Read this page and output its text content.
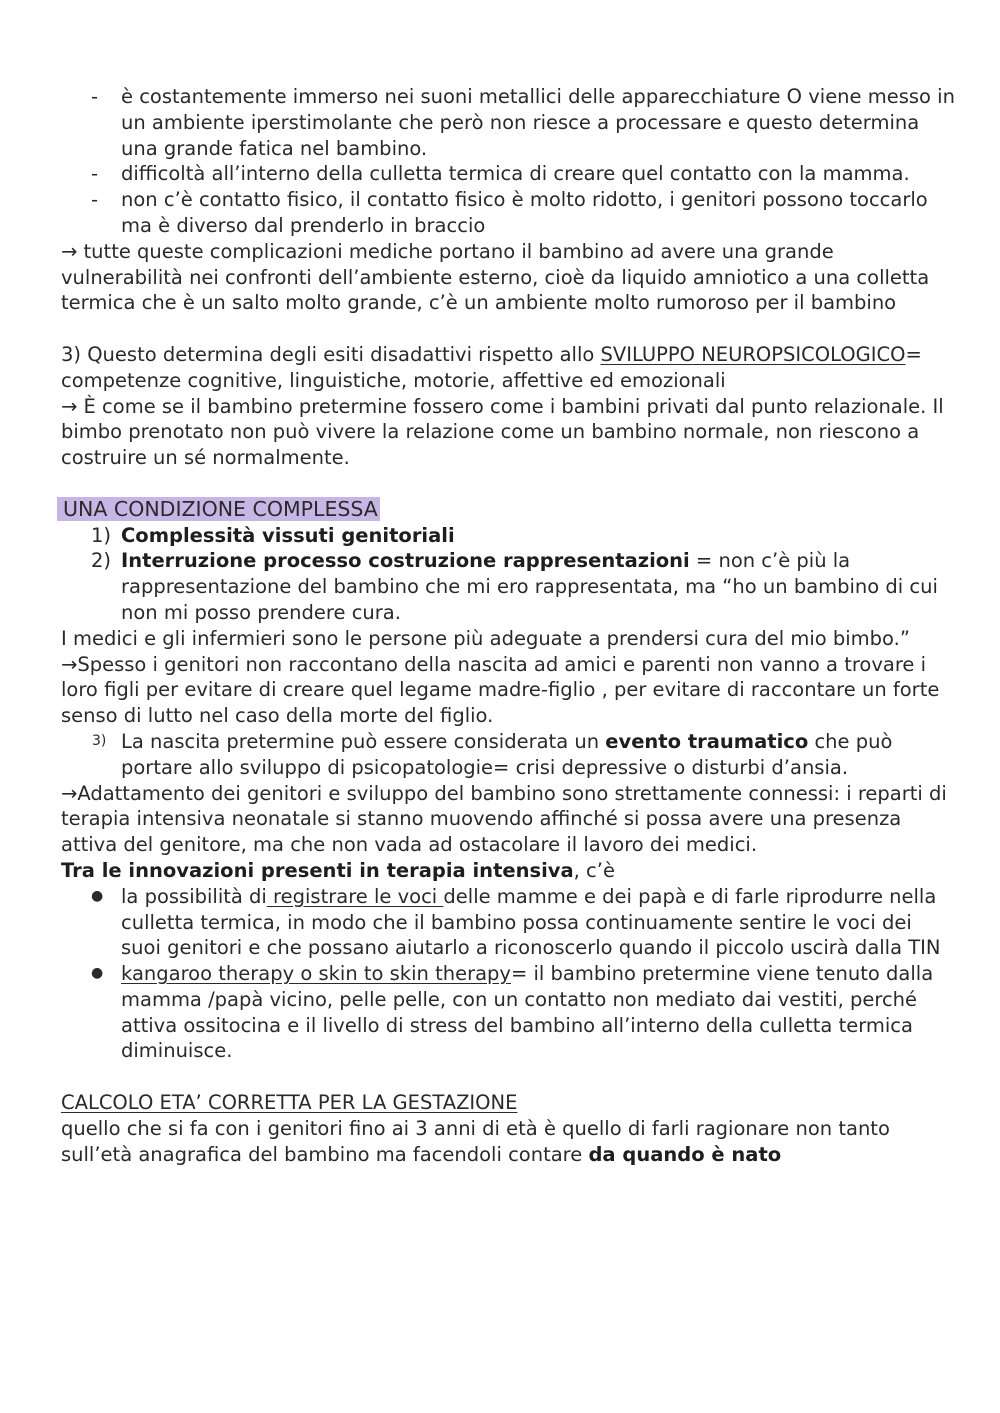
- è costantemente immerso nei suoni metallici delle apparecchiature O viene messo in un ambiente iperstimolante che però non riesce a processare e questo determina una grande fatica nel bambino.
- difficoltà all’interno della culletta termica di creare quel contatto con la mamma.
- non c’è contatto fisico, il contatto fisico è molto ridotto, i genitori possono toccarlo ma è diverso dal prenderlo in braccio

→ tutte queste complicazioni mediche portano il bambino ad avere una grande vulnerabilità nei confronti dell’ambiente esterno, cioè da liquido amniotico a una colletta termica che è un salto molto grande, c’è un ambiente molto rumoroso per il bambino

3) Questo determina degli esiti disadattivi rispetto allo SVILUPPO NEUROPSICOLOGICO= competenze cognitive, linguistiche, motorie, affettive ed emozionali

→ È come se il bambino pretermine fossero come i bambini privati dal punto relazionale. Il bimbo prenotato non può vivere la relazione come un bambino normale, non riescono a costruire un sé normalmente.

UNA CONDIZIONE COMPLESSA

1) Complessità vissuti genitoriali
2) Interruzione processo costruzione rappresentazioni = non c’è più la rappresentazione del bambino che mi ero rappresentata, ma “ho un bambino di cui non mi posso prendere cura.

I medici e gli infermieri sono le persone più adeguate a prendersi cura del mio bimbo.”

→Spesso i genitori non raccontano della nascita ad amici e parenti non vanno a trovare i loro figli per evitare di creare quel legame madre-figlio , per evitare di raccontare un forte senso di lutto nel caso della morte del figlio.

3) La nascita pretermine può essere considerata un evento traumatico che può portare allo sviluppo di psicopatologie= crisi depressive o disturbi d’ansia.

→Adattamento dei genitori e sviluppo del bambino sono strettamente connessi: i reparti di terapia intensiva neonatale si stanno muovendo affinché si possa avere una presenza attiva del genitore, ma che non vada ad ostacolare il lavoro dei medici.

Tra le innovazioni presenti in terapia intensiva, c’è

● la possibilità di registrare le voci delle mamme e dei papà e di farle riprodurre nella culletta termica, in modo che il bambino possa continuamente sentire le voci dei suoi genitori e che possano aiutarlo a riconoscerlo quando il piccolo uscirà dalla TIN
● kangaroo therapy o skin to skin therapy= il bambino pretermine viene tenuto dalla mamma /papà vicino, pelle pelle, con un contatto non mediato dai vestiti, perché attiva ossitocina e il livello di stress del bambino all’interno della culletta termica diminuisce.

CALCOLO ETA’ CORRETTA PER LA GESTAZIONE

quello che si fa con i genitori fino ai 3 anni di età è quello di farli ragionare non tanto sull’età anagrafica del bambino ma facendoli contare da quando è nato
